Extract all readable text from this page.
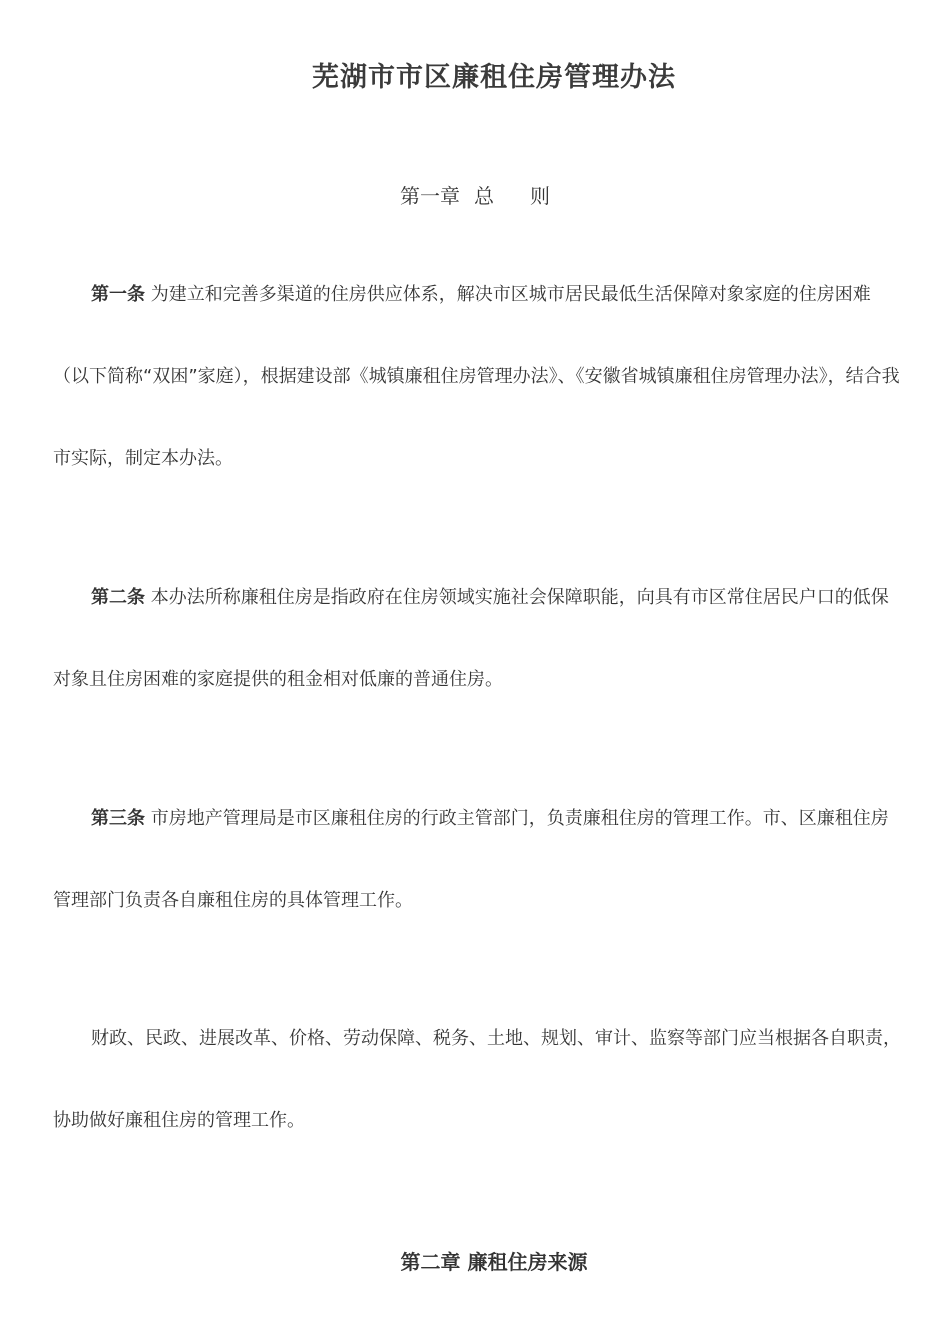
芜湖市市区廉租住房管理办法
第一章 总 则
第一条 为建立和完善多渠道的住房供应体系，解决市区城市居民最低生活保障对象家庭的住房困难（以下简称“双困”家庭），根据建设部《城镇廉租住房管理办法》、《安徽省城镇廉租住房管理办法》，结合我市实际，制定本办法。
第二条 本办法所称廉租住房是指政府在住房领域实施社会保障职能，向具有市区常住居民户口的低保对象且住房困难的家庭提供的租金相对低廉的普通住房。
第三条 市房地产管理局是市区廉租住房的行政主管部门，负责廉租住房的管理工作。市、区廉租住房管理部门负责各自廉租住房的具体管理工作。
财政、民政、进展改革、价格、劳动保障、税务、土地、规划、审计、监察等部门应当根据各自职责，协助做好廉租住房的管理工作。
第二章 廉租住房来源
